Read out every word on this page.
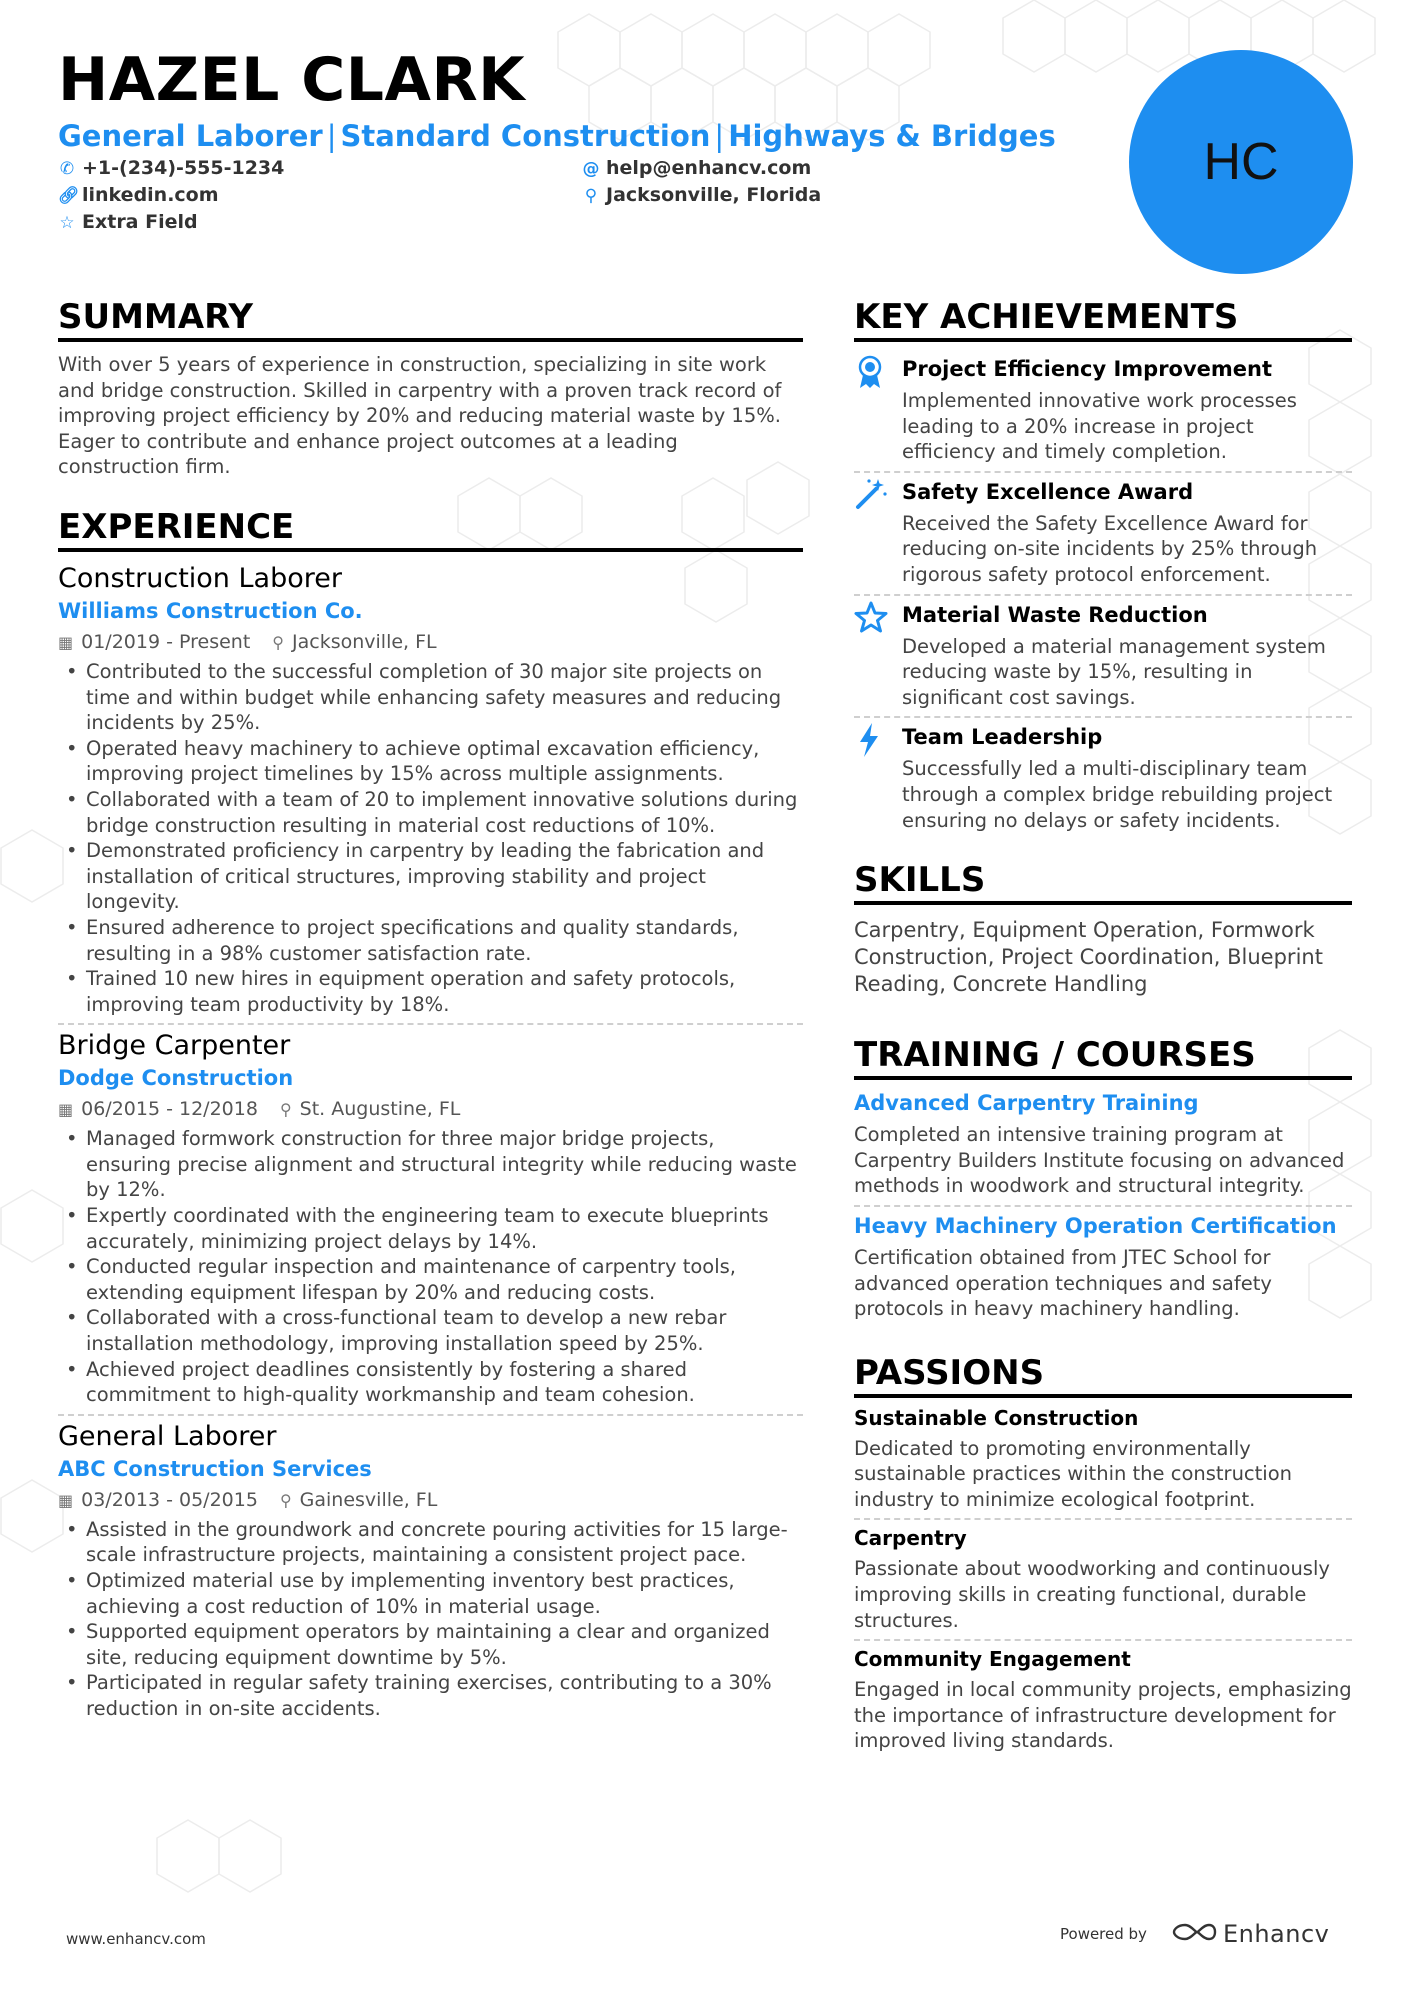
HAZEL CLARK
General Laborer | Standard Construction | Highways & Bridges
✆ +1-(234)-555-1234
🔗︎ linkedin.com
☆ Extra Field
@ help@enhancv.com
⚲ Jacksonville, Florida
HC
SUMMARY
With over 5 years of experience in construction, specializing in site work and bridge construction. Skilled in carpentry with a proven track record of improving project efficiency by 20% and reducing material waste by 15%. Eager to contribute and enhance project outcomes at a leading construction firm.
EXPERIENCE
Construction Laborer
Williams Construction Co.
▦ 01/2019 - Present ⚲ Jacksonville, FL
• Contributed to the successful completion of 30 major site projects on time and within budget while enhancing safety measures and reducing incidents by 25%.
• Operated heavy machinery to achieve optimal excavation efficiency, improving project timelines by 15% across multiple assignments.
• Collaborated with a team of 20 to implement innovative solutions during bridge construction resulting in material cost reductions of 10%.
• Demonstrated proficiency in carpentry by leading the fabrication and installation of critical structures, improving stability and project longevity.
• Ensured adherence to project specifications and quality standards, resulting in a 98% customer satisfaction rate.
• Trained 10 new hires in equipment operation and safety protocols, improving team productivity by 18%.
Bridge Carpenter
Dodge Construction
▦ 06/2015 - 12/2018 ⚲ St. Augustine, FL
• Managed formwork construction for three major bridge projects, ensuring precise alignment and structural integrity while reducing waste by 12%.
• Expertly coordinated with the engineering team to execute blueprints accurately, minimizing project delays by 14%.
• Conducted regular inspection and maintenance of carpentry tools, extending equipment lifespan by 20% and reducing costs.
• Collaborated with a cross-functional team to develop a new rebar installation methodology, improving installation speed by 25%.
• Achieved project deadlines consistently by fostering a shared commitment to high-quality workmanship and team cohesion.
General Laborer
ABC Construction Services
▦ 03/2013 - 05/2015 ⚲ Gainesville, FL
• Assisted in the groundwork and concrete pouring activities for 15 large-scale infrastructure projects, maintaining a consistent project pace.
• Optimized material use by implementing inventory best practices, achieving a cost reduction of 10% in material usage.
• Supported equipment operators by maintaining a clear and organized site, reducing equipment downtime by 5%.
• Participated in regular safety training exercises, contributing to a 30% reduction in on-site accidents.
KEY ACHIEVEMENTS
Project Efficiency Improvement
Implemented innovative work processes leading to a 20% increase in project efficiency and timely completion.
Safety Excellence Award
Received the Safety Excellence Award for reducing on-site incidents by 25% through rigorous safety protocol enforcement.
Material Waste Reduction
Developed a material management system reducing waste by 15%, resulting in significant cost savings.
Team Leadership
Successfully led a multi-disciplinary team through a complex bridge rebuilding project ensuring no delays or safety incidents.
SKILLS
Carpentry, Equipment Operation, Formwork Construction, Project Coordination, Blueprint Reading, Concrete Handling
TRAINING / COURSES
Advanced Carpentry Training
Completed an intensive training program at Carpentry Builders Institute focusing on advanced methods in woodwork and structural integrity.
Heavy Machinery Operation Certification
Certification obtained from JTEC School for advanced operation techniques and safety protocols in heavy machinery handling.
PASSIONS
Sustainable Construction
Dedicated to promoting environmentally sustainable practices within the construction industry to minimize ecological footprint.
Carpentry
Passionate about woodworking and continuously improving skills in creating functional, durable structures.
Community Engagement
Engaged in local community projects, emphasizing the importance of infrastructure development for improved living standards.
www.enhancv.com	Powered by	Enhancv
